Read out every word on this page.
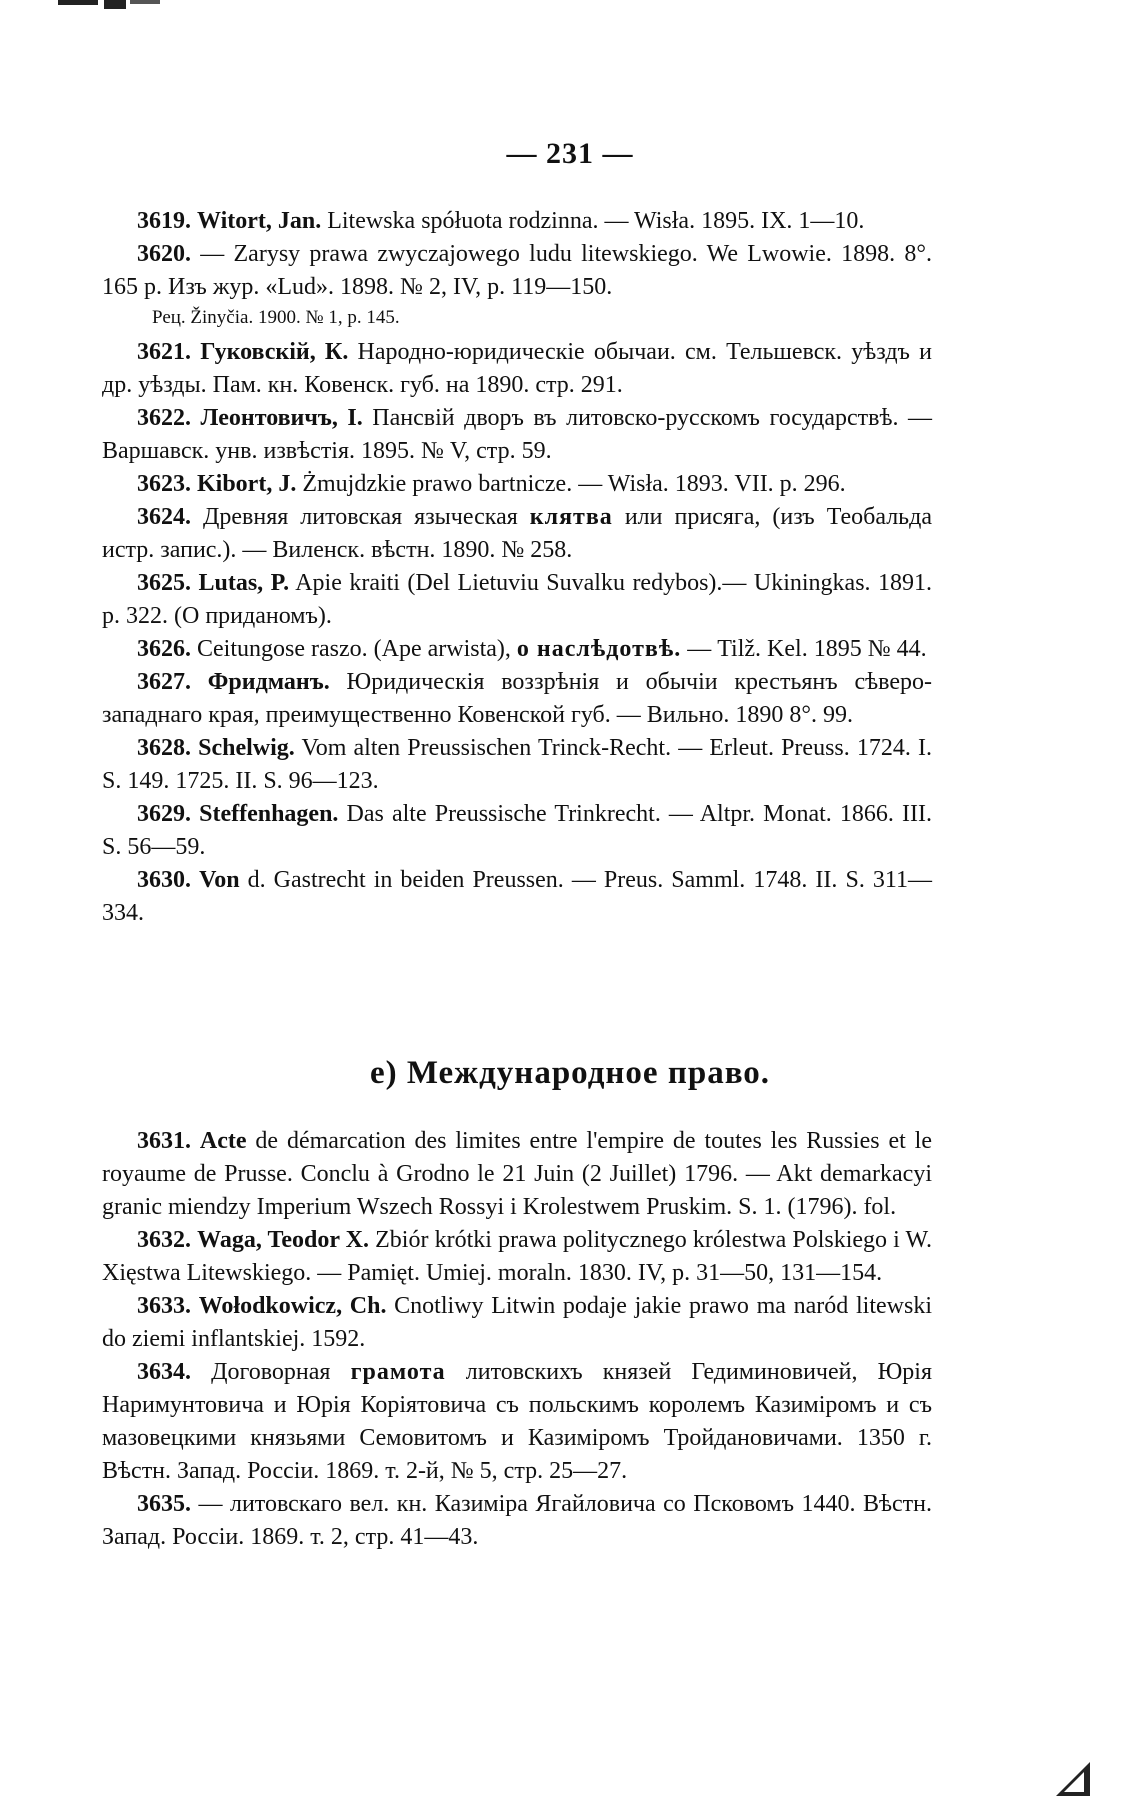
— 231 —

3619. Witort, Jan. Litewska spółuota rodzinna. — Wisła. 1895. IX. 1—10.

3620. — Zarysy prawa zwyczajowego ludu litewskiego. We Lwowie. 1898. 8°. 165 p. Изъ жур. «Lud». 1898. № 2, IV, p. 119—150.

Рец. Žinyčia. 1900. № 1, p. 145.

3621. Гуковскій, К. Народно-юридическіе обычаи. см. Тельшевск. уѣздъ и др. уѣзды. Пам. кн. Ковенск. губ. на 1890. стр. 291.

3622. Леонтовичъ, I. Пансвій дворъ въ литовско-русскомъ государствѣ. — Варшавск. унв. извѣстія. 1895. № V, стр. 59.

3623. Kibort, J. Żmujdzkie prawo bartnicze. — Wisła. 1893. VII. p. 296.

3624. Древняя литовская языческая клятва или присяга, (изъ Теобальда истр. запис.). — Виленск. вѣстн. 1890. № 258.

3625. Lutas, P. Apie kraiti (Del Lietuviu Suvalku redybos).— Ukiningkas. 1891. p. 322. (О приданомъ).

3626. Ceitungose raszo. (Ape arwista), о наслѣдотвѣ. — Tilž. Kel. 1895 № 44.

3627. Фридманъ. Юридическія воззрѣнія и обычіи крестьянъ сѣверо-западнаго края, преимущественно Ковенской губ. — Вильно. 1890 8°. 99.

3628. Schelwig. Vom alten Preussischen Trinck-Recht. — Erleut. Preuss. 1724. I. S. 149. 1725. II. S. 96—123.

3629. Steffenhagen. Das alte Preussische Trinkrecht. — Altpr. Monat. 1866. III. S. 56—59.

3630. Von d. Gastrecht in beiden Preussen. — Preus. Samml. 1748. II. S. 311—334.

е) Международное право.

3631. Acte de démarcation des limites entre l'empire de toutes les Russies et le royaume de Prusse. Conclu à Grodno le 21 Juin (2 Juillet) 1796. — Akt demarkacyi granic miendzy Imperium Wszech Rossyi i Krolestwem Pruskim. S. 1. (1796). fol.

3632. Waga, Teodor X. Zbiór krótki prawa politycznego królestwa Polskiego i W. Xięstwa Litewskiego. — Pamięt. Umiej. moraln. 1830. IV, p. 31—50, 131—154.

3633. Wołodkowicz, Ch. Cnotliwy Litwin podaje jakie prawo ma naród litewski do ziemi inflantskiej. 1592.

3634. Договорная грамота литовскихъ князей Гедиминовичей, Юрія Наримунтовича и Юрія Коріятовича съ польскимъ королемъ Казиміромъ и съ мазовецкими князьями Семовитомъ и Казиміромъ Тройдановичами. 1350 г. Вѣстн. Запад. Россіи. 1869. т. 2-й, № 5, стр. 25—27.

3635. — литовскаго вел. кн. Казиміра Ягайловича со Псковомъ 1440. Вѣстн. Запад. Россіи. 1869. т. 2, стр. 41—43.
